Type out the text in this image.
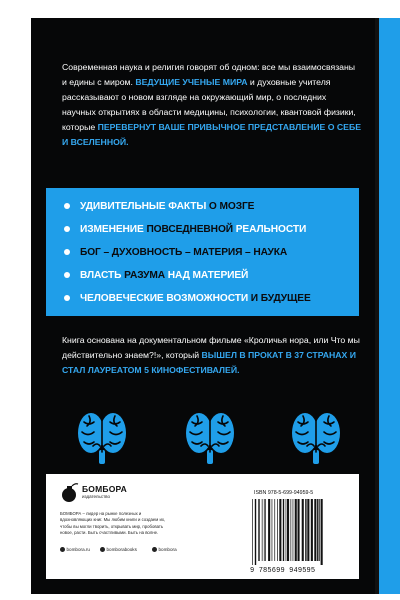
Современная наука и религия говорят об одном: все мы взаимосвязаны и едины с миром. ВЕДУЩИЕ УЧЕНЫЕ МИРА и духовные учителя рассказывают о новом взгляде на окружающий мир, о последних научных открытиях в области медицины, психологии, квантовой физики, которые ПЕРЕВЕРНУТ ВАШЕ ПРИВЫЧНОЕ ПРЕДСТАВЛЕНИЕ О СЕБЕ И ВСЕЛЕННОЙ.

УДИВИТЕЛЬНЫЕ ФАКТЫ О МОЗГЕ
ИЗМЕНЕНИЕ ПОВСЕДНЕВНОЙ РЕАЛЬНОСТИ
БОГ – ДУХОВНОСТЬ – МАТЕРИЯ – НАУКА
ВЛАСТЬ РАЗУМА НАД МАТЕРИЕЙ
ЧЕЛОВЕЧЕСКИЕ ВОЗМОЖНОСТИ И БУДУЩЕЕ

Книга основана на документальном фильме «Кроличья нора, или Что мы действительно знаем?!», который ВЫШЕЛ В ПРОКАТ В 37 СТРАНАХ И СТАЛ ЛАУРЕАТОМ 5 КИНОФЕСТИВАЛЕЙ.

БОМБОРА
издательство
БОМБОРА – лидер на рынке полезных и вдохновляющих книг. Мы любим книги и создаем их, чтобы вы могли творить, открывать мир, пробовать новое, расти. Быть счастливыми. Быть на волне.
bombora.ru	bomborabooks	bombora
ISBN 978-5-699-94959-5
9 785699 949595
